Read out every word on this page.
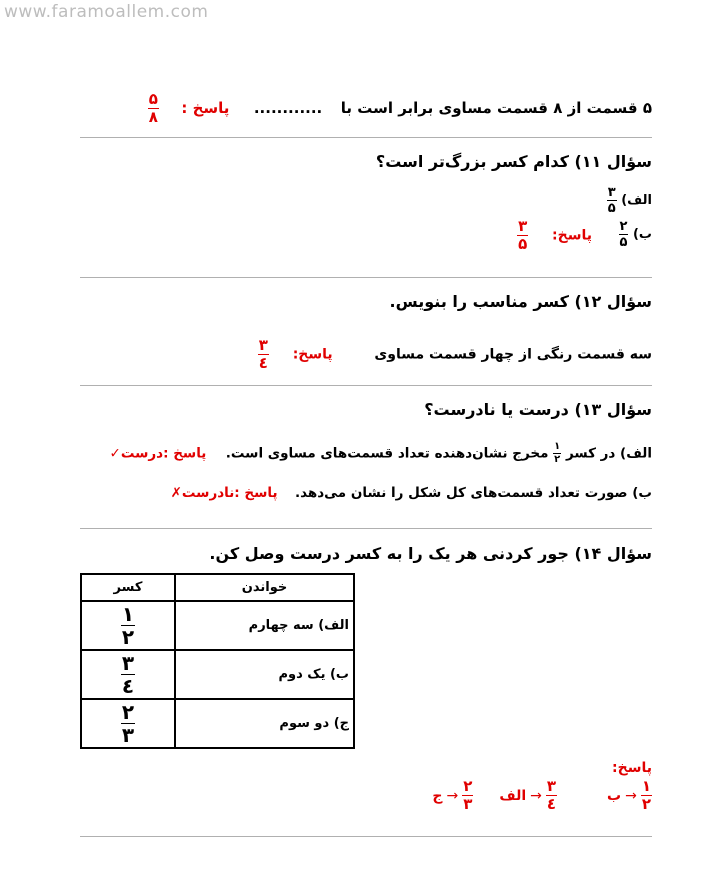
www.faramoallem.com
۵ قسمت از ۸ قسمت مساوی برابر است با  ............  پاسخ :
$\frac{۵}{۸}$
سؤال ۱۱) کدام کسر بزرگ‌تر است؟
الف)
$\frac{۳}{۵}$
ب)
$\frac{۲}{۵}$
پاسخ:
$\frac{۳}{۵}$
سؤال ۱۲) کسر مناسب را بنویس.
سه قسمت رنگی از چهار قسمت مساوی  پاسخ:
$\frac{۳}{٤}$
سؤال ۱۳) درست یا نادرست؟
الف) در کسر
$\frac{۱}{۲}$
مخرج نشان‌دهنده تعداد قسمت‌های مساوی است.  پاسخ :درست✓
ب) صورت تعداد قسمت‌های کل شکل را نشان می‌دهد.  پاسخ :نادرست✗
سؤال ۱۴) جور کردنی هر یک را به کسر درست وصل کن.
خواندن	کسر
الف) سه چهارم	$\frac{۱}{۲}$

ب) یک دوم	$\frac{۳}{٤}$

ج) دو سوم	$\frac{۲}{۳}$
پاسخ:
ج → $\frac{۲}{۳}$ الف → $\frac{۳}{٤}$	ب → $\frac{۱}{۲}$
